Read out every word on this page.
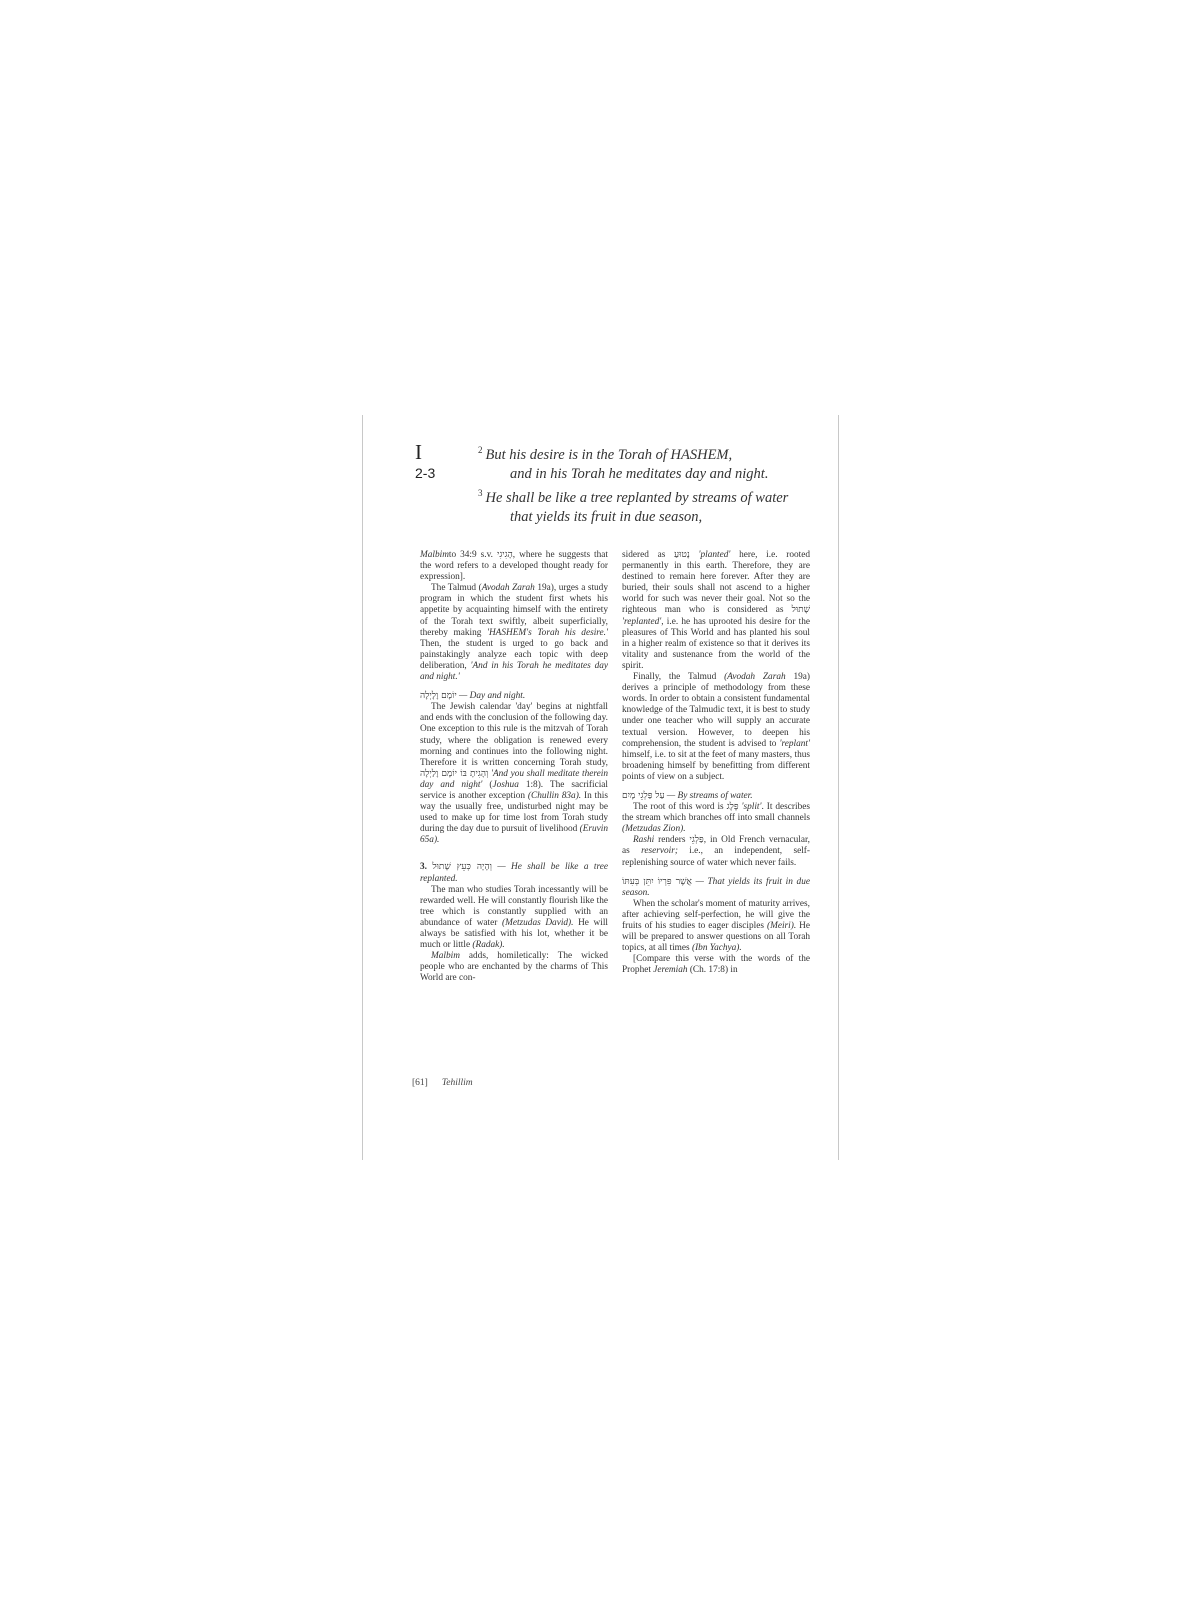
I
2-3
$^2$ But his desire is in the Torah of HASHEM,
and in his Torah he meditates day and night.
$^3$ He shall be like a tree replanted by streams of water
that yields its fruit in due season,

Malbimto 34:9 s.v. הָגִיגִי, where he suggests that the word refers to a developed thought ready for expression].

The Talmud (Avodah Zarah 19a), urges a study program in which the student first whets his appetite by acquainting himself with the entirety of the Torah text swiftly, albeit superficially, thereby making 'HASHEM's Torah his desire.' Then, the student is urged to go back and painstakingly analyze each topic with deep deliberation, 'And in his Torah he meditates day and night.'

יוֹמָם וָלָיְלָה — Day and night.

The Jewish calendar 'day' begins at nightfall and ends with the conclusion of the following day. One exception to this rule is the mitzvah of Torah study, where the obligation is renewed every morning and continues into the following night. Therefore it is written concerning Torah study, וְהָגִיתָ בּוֹ יוֹמָם וָלַיְלָה 'And you shall meditate therein day and night' (Joshua 1:8). The sacrificial service is another exception (Chullin 83a). In this way the usually free, undisturbed night may be used to make up for time lost from Torah study during the day due to pursuit of livelihood (Eruvin 65a).

3. וְהָיָה כְּעֵץ שָׁתוּל — He shall be like a tree replanted.

The man who studies Torah incessantly will be rewarded well. He will constantly flourish like the tree which is constantly supplied with an abundance of water (Metzudas David). He will always be satisfied with his lot, whether it be much or little (Radak).

Malbim adds, homiletically: The wicked people who are enchanted by the charms of This World are con-

sidered as נָטוּעַ 'planted' here, i.e. rooted permanently in this earth. Therefore, they are destined to remain here forever. After they are buried, their souls shall not ascend to a higher world for such was never their goal. Not so the righteous man who is considered as שָׁתוּל 'replanted', i.e. he has uprooted his desire for the pleasures of This World and has planted his soul in a higher realm of existence so that it derives its vitality and sustenance from the world of the spirit.

Finally, the Talmud (Avodah Zarah 19a) derives a principle of methodology from these words. In order to obtain a consistent fundamental knowledge of the Talmudic text, it is best to study under one teacher who will supply an accurate textual version. However, to deepen his comprehension, the student is advised to 'replant' himself, i.e. to sit at the feet of many masters, thus broadening himself by benefitting from different points of view on a subject.

עַל פַּלְגֵי מָיִם — By streams of water.

The root of this word is פֶּלֶג 'split'. It describes the stream which branches off into small channels (Metzudas Zion).

Rashi renders פַּלְגֵי, in Old French vernacular, as reservoir; i.e., an independent, self-replenishing source of water which never fails.

אֲשֶׁר פִּרְיוֹ יִתֵּן בְּעִתּוֹ — That yields its fruit in due season.

When the scholar's moment of maturity arrives, after achieving self-perfection, he will give the fruits of his studies to eager disciples (Meiri). He will be prepared to answer questions on all Torah topics, at all times (Ibn Yachya).

[Compare this verse with the words of the Prophet Jeremiah (Ch. 17:8) in

[61] Tehillim
